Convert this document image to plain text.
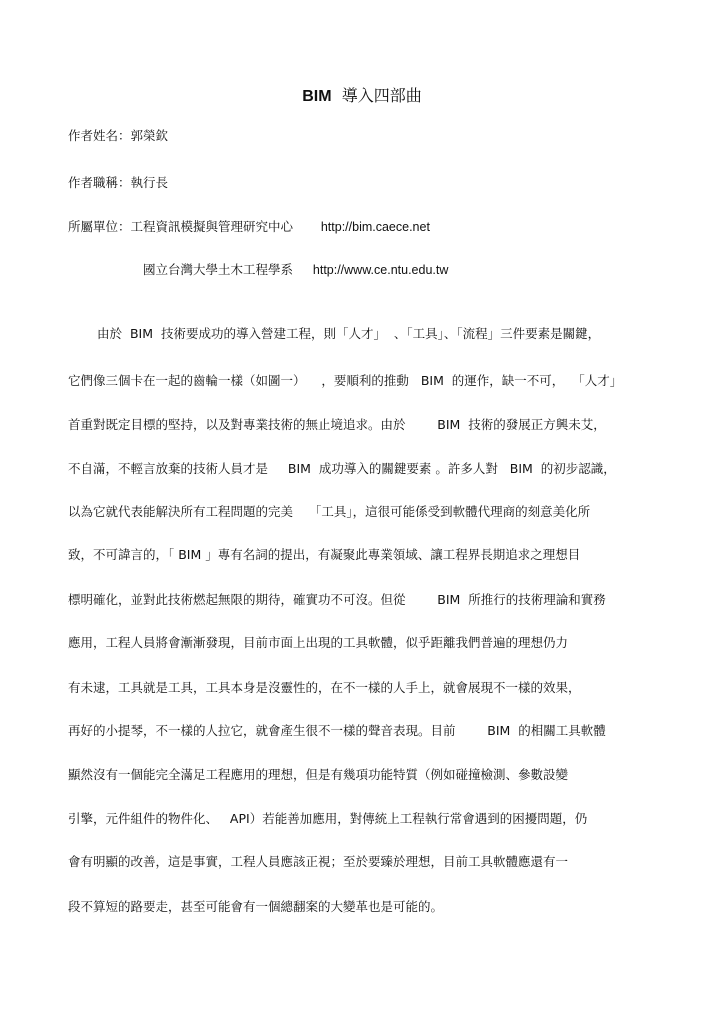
BIM  導入四部曲
作者姓名：郭榮欽
作者職稱：執行長
所屬單位：工程資訊模擬與管理研究中心 http://bim.caece.net
國立台灣大學土木工程學系 http://www.ce.ntu.edu.tw
由於  BIM  技術要成功的導入營建工程，則「人才」  、「工具」、「流程」三件要素是關鍵，
它們像三個卡在一起的齒輪一樣（如圖一）    ，要順利的推動   BIM  的運作，缺一不可，  「人才」
首重對既定目標的堅持，以及對專業技術的無止境追求。由於        BIM  技術的發展正方興未艾，
不自滿，不輕言放棄的技術人員才是     BIM  成功導入的關鍵要素 。許多人對   BIM  的初步認識，
以為它就代表能解決所有工程問題的完美    「工具」，這很可能係受到軟體代理商的刻意美化所
致，不可諱言的，「 BIM 」專有名詞的提出，有凝聚此專業領域、讓工程界長期追求之理想目
標明確化，並對此技術燃起無限的期待，確實功不可沒。但從        BIM  所推行的技術理論和實務
應用，工程人員將會漸漸發現，目前市面上出現的工具軟體，似乎距離我們普遍的理想仍力
有未逮，工具就是工具，工具本身是沒靈性的，在不一樣的人手上，就會展現不一樣的效果，
再好的小提琴，不一樣的人拉它，就會產生很不一樣的聲音表現。目前        BIM  的相關工具軟體
顯然沒有一個能完全滿足工程應用的理想，但是有幾項功能特質（例如碰撞檢測、參數設變
引擎，元件組件的物件化、   API）若能善加應用，對傳統上工程執行常會遇到的困擾問題，仍
會有明顯的改善，這是事實，工程人員應該正視；至於要臻於理想，目前工具軟體應還有一
段不算短的路要走，甚至可能會有一個總翻案的大變革也是可能的。
